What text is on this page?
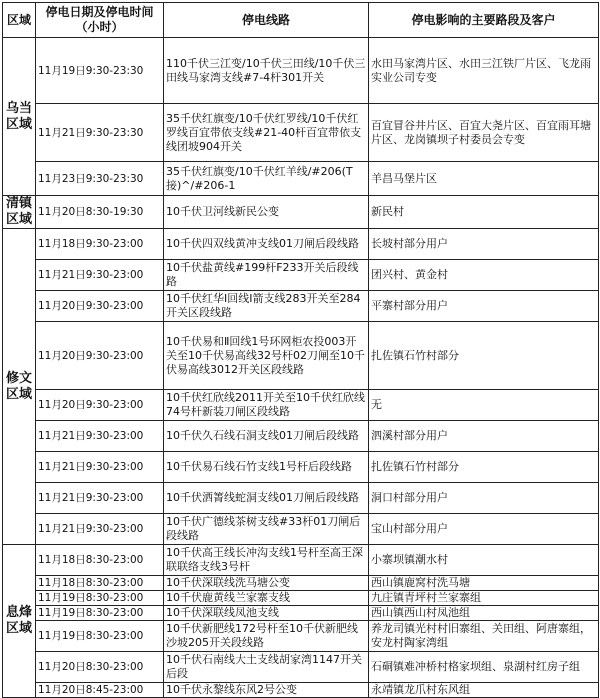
区域	停电日期及停电时间（小时）	停电线路	停电影响的主要路段及客户
乌当区域	11月19日9:30-23:30	110千伏三江变/10千伏三田线/10千伏三田线马家湾支线#7-4杆301开关	水田马家湾片区、水田三江铁厂片区、飞龙雨实业公司专变
	11月21日9:30-23:30	35千伏红旗变/10千伏红罗线/10千伏红罗线百宜带依支线#21-40杆百宜带依支线团坡904开关	百宜冒谷井片区、百宜大尧片区、百宜雨耳塘片区、龙岗镇坝子村委员会专变
	11月23日9:30-23:30	35千伏红旗变/10千伏红羊线/#206(T接)^/#206-1	羊昌马堡片区
清镇区域	11月20日8:30-19:30	10千伏卫河线新民公变	新民村
修文区域	11月18日9:30-23:00	10千伏四双线黄冲支线01刀闸后段线路	长坡村部分用户
	11月21日9:30-23:00	10千伏盐黄线#199杆F233开关后段线路	团兴村、黄金村
	11月20日9:30-23:00	10千伏红华Ⅰ回线Ⅰ箭支线283开关至284开关区段线路	平寨村部分用户
	11月20日9:30-23:00	10千伏易和Ⅱ回线1号环网柜农投003开关至10千伏易高线32号杆02刀闸至10千伏易高线3012开关区段线路	扎佐镇石竹村部分
	11月20日9:30-23:00	10千伏红欣线2011开关至10千伏红欣线74号杆新装刀闸区段线路	无
	11月21日9:30-23:00	10千伏久石线石洞支线01刀闸后段线路	泗溪村部分用户
	11月21日9:30-23:00	10千伏易石线石竹支线1号杆后段线路	扎佐镇石竹村部分
	11月21日9:30-23:00	10千伏洒箐线蛇洞支线01刀闸后段线路	洞口村部分用户
	11月21日9:30-23:00	10千伏广德线茶树支线#33杆01刀闸后段线路	宝山村部分用户
息烽区域	11月18日8:30-23:00	10千伏高王线长冲沟支线1号杆至高王深联联络支线3号杆	小寨坝镇潮水村
	11月18日8:30-23:00	10千伏深联线洗马塘公变	西山镇鹿窝村洗马塘
	11月19日8:30-23:00	10千伏鹿黄线兰家寨支线	九庄镇青坪村兰家寨组
	11月19日8:30-23:00	10千伏深联线凤池支线	西山镇西山村凤池组
	11月19日8:30-23:00	10千伏新肥线172号杆至10千伏新肥线沙坡205开关段线路	养龙司镇光村村旧寨组、关田组、阿唐寨组，安龙村陶家湾组
	11月20日8:30-23:00	10千伏石南线大土支线胡家湾1147开关后段	石硐镇难冲桥村格家坝组、泉湖村红房子组
	11月20日8:45-23:00	10千伏永黎线东风2号公变	永靖镇龙爪村东风组
